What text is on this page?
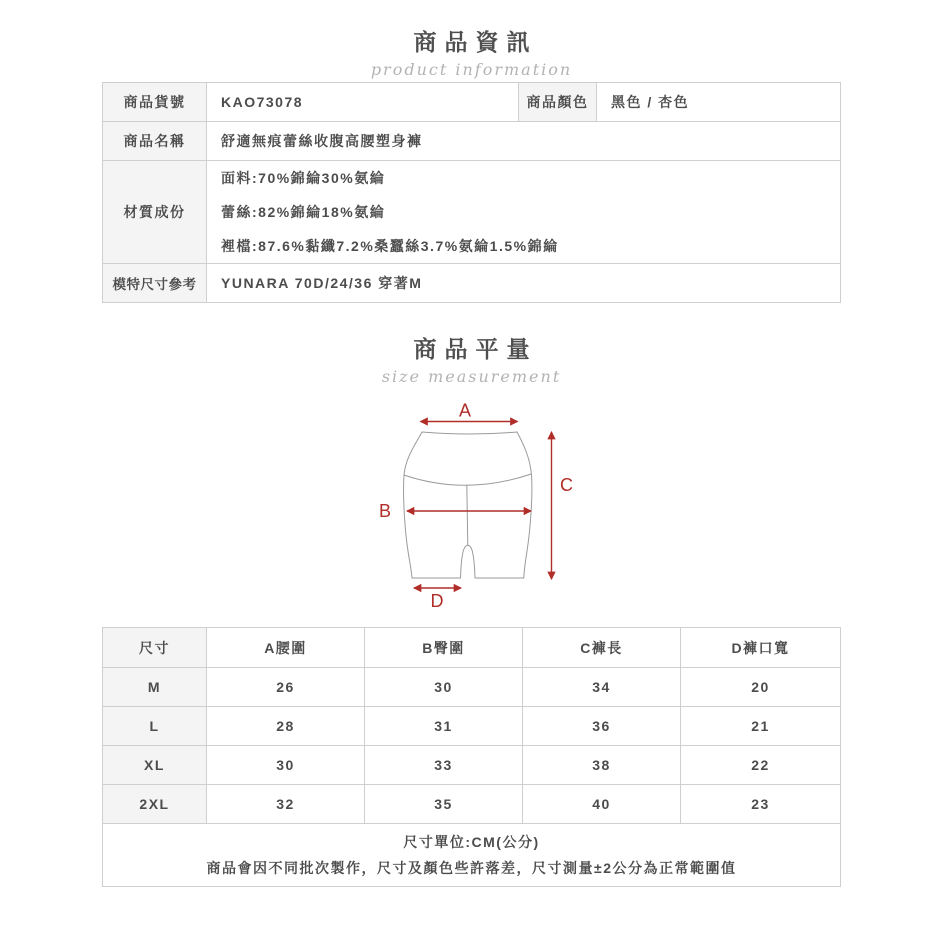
商品資訊
product information
商品貨號	KAO73078	商品顏色	黑色 / 杏色
商品名稱	舒適無痕蕾絲收腹高腰塑身褲		
材質成份	面料:70%錦綸30%氨綸
蕾絲:82%錦綸18%氨綸
裡檔:87.6%黏纖7.2%桑蠶絲3.7%氨綸1.5%錦綸		

模特尺寸參考	YUNARA 70D/24/36 穿著M		
商品平量
size measurement
A
B
C
D
尺寸	A腰圍	B臀圍	C褲長	D褲口寬
M	26	30	34	20
L	28	31	36	21
XL	30	33	38	22
2XL	32	35	40	23

尺寸單位:CM(公分)
商品會因不同批次製作，尺寸及顏色些許落差，尺寸測量±2公分為正常範圍值				
